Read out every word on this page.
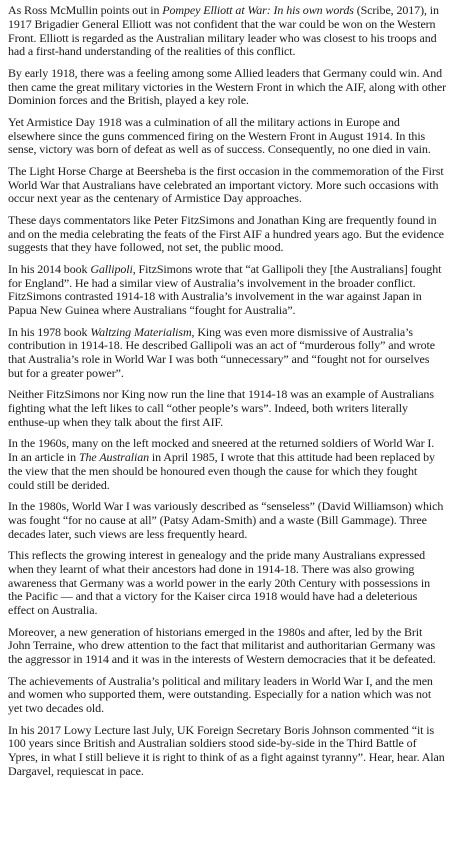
As Ross McMullin points out in Pompey Elliott at War: In his own words (Scribe, 2017), in 1917 Brigadier General Elliott was not confident that the war could be won on the Western Front. Elliott is regarded as the Australian military leader who was closest to his troops and had a first-hand understanding of the realities of this conflict.

By early 1918, there was a feeling among some Allied leaders that Germany could win. And then came the great military victories in the Western Front in which the AIF, along with other Dominion forces and the British, played a key role.

Yet Armistice Day 1918 was a culmination of all the military actions in Europe and elsewhere since the guns commenced firing on the Western Front in August 1914. In this sense, victory was born of defeat as well as of success. Consequently, no one died in vain.

The Light Horse Charge at Beersheba is the first occasion in the commemoration of the First World War that Australians have celebrated an important victory. More such occasions with occur next year as the centenary of Armistice Day approaches.

These days commentators like Peter FitzSimons and Jonathan King are frequently found in and on the media celebrating the feats of the First AIF a hundred years ago. But the evidence suggests that they have followed, not set, the public mood.

In his 2014 book Gallipoli, FitzSimons wrote that “at Gallipoli they [the Australians] fought for England”. He had a similar view of Australia’s involvement in the broader conflict. FitzSimons contrasted 1914-18 with Australia’s involvement in the war against Japan in Papua New Guinea where Australians “fought for Australia”.

In his 1978 book Waltzing Materialism, King was even more dismissive of Australia’s contribution in 1914-18. He described Gallipoli was an act of “murderous folly” and wrote that Australia’s role in World War I was both “unnecessary” and “fought not for ourselves but for a greater power”.

Neither FitzSimons nor King now run the line that 1914-18 was an example of Australians fighting what the left likes to call “other people’s wars”. Indeed, both writers literally enthuse-up when they talk about the first AIF.

In the 1960s, many on the left mocked and sneered at the returned soldiers of World War I. In an article in The Australian in April 1985, I wrote that this attitude had been replaced by the view that the men should be honoured even though the cause for which they fought could still be derided.

In the 1980s, World War I was variously described as “senseless” (David Williamson) which was fought “for no cause at all” (Patsy Adam-Smith) and a waste (Bill Gammage). Three decades later, such views are less frequently heard.

This reflects the growing interest in genealogy and the pride many Australians expressed when they learnt of what their ancestors had done in 1914-18. There was also growing awareness that Germany was a world power in the early 20th Century with possessions in the Pacific — and that a victory for the Kaiser circa 1918 would have had a deleterious effect on Australia.

Moreover, a new generation of historians emerged in the 1980s and after, led by the Brit John Terraine, who drew attention to the fact that militarist and authoritarian Germany was the aggressor in 1914 and it was in the interests of Western democracies that it be defeated.

The achievements of Australia’s political and military leaders in World War I, and the men and women who supported them, were outstanding. Especially for a nation which was not yet two decades old.

In his 2017 Lowy Lecture last July, UK Foreign Secretary Boris Johnson commented “it is 100 years since British and Australian soldiers stood side-by-side in the Third Battle of Ypres, in what I still believe it is right to think of as a fight against tyranny”. Hear, hear. Alan Dargavel, requiescat in pace.
